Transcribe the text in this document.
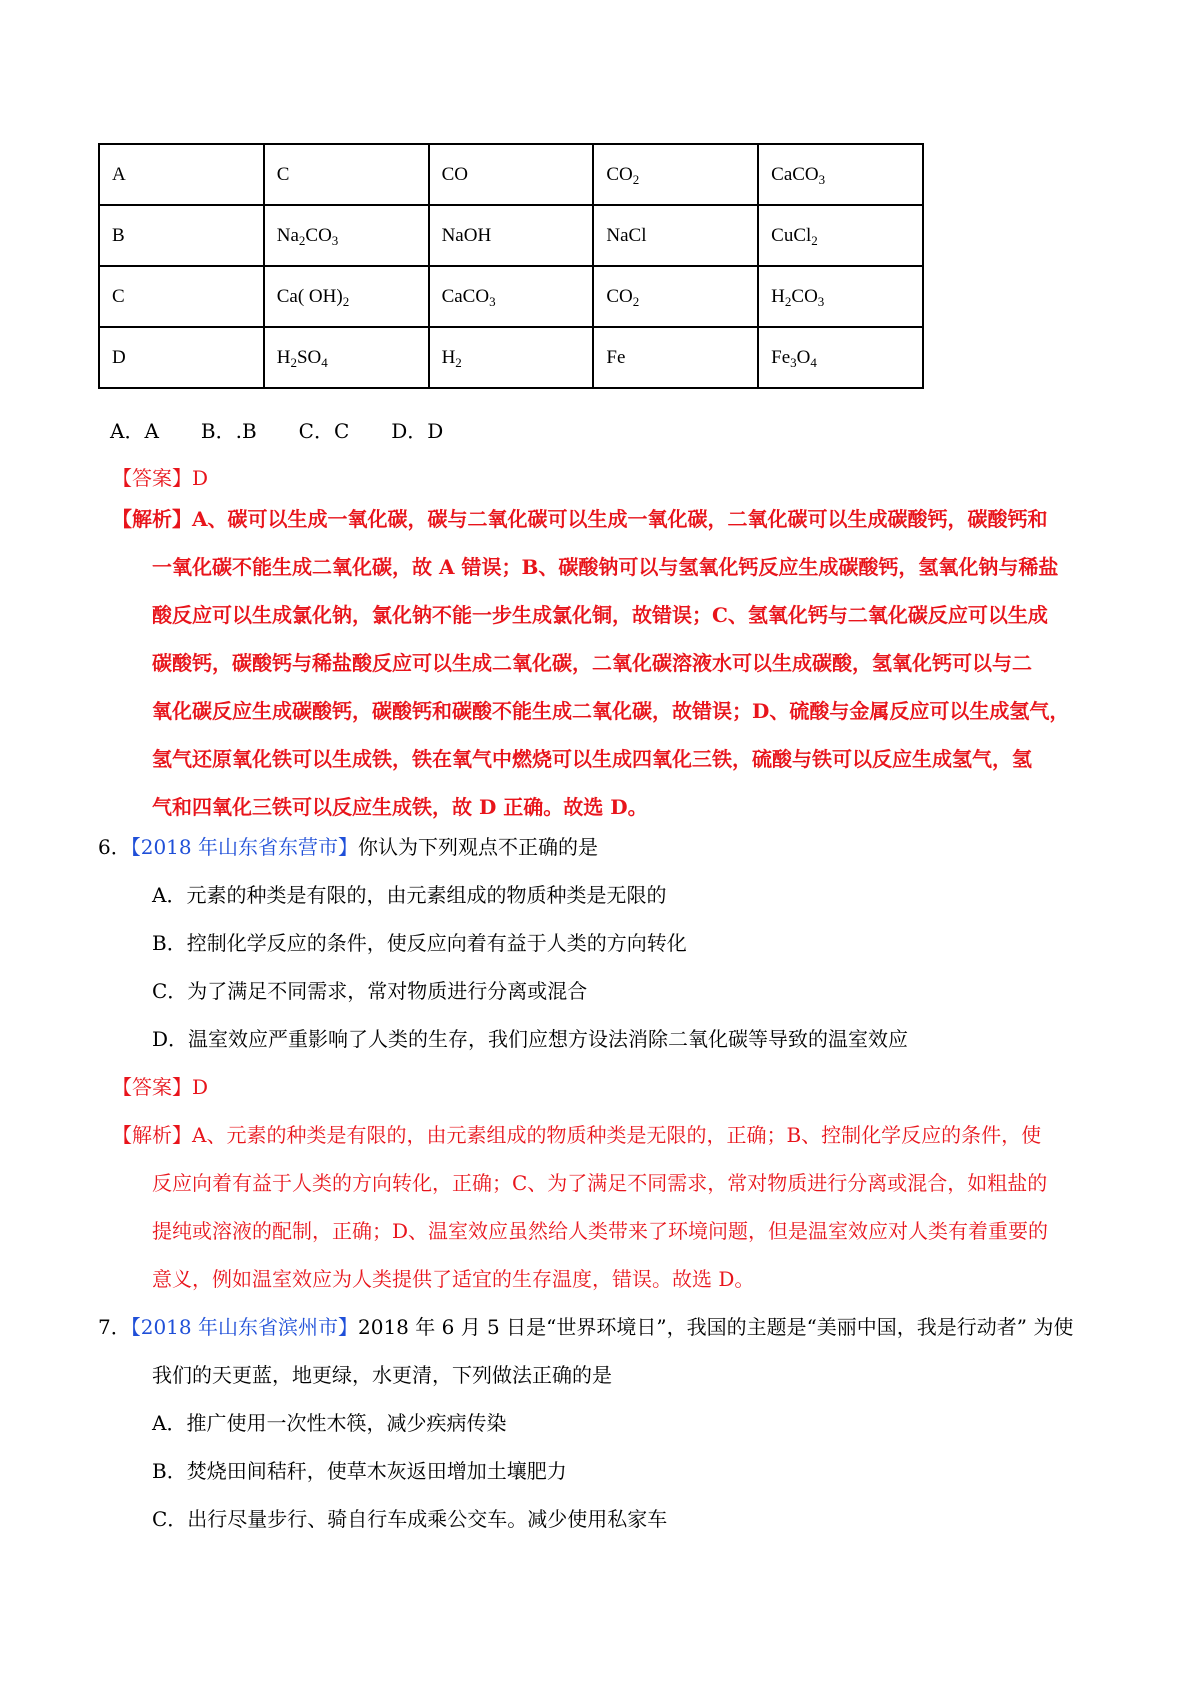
A	C	CO	$CO_2$	CaCO$_3$
B	$Na_2CO_3$	NaOH	NaCl	CuCl$_2$
C	Ca( $OH)_2$	CaCO$_3$	$CO_2$	$H_2CO_3$
D	$H_2SO_4$	$H_2$	Fe	$Fe_3O_4$
A．A B．.B C．C D．D
【答案】D
【解析】A、碳可以生成一氧化碳，碳与二氧化碳可以生成一氧化碳，二氧化碳可以生成碳酸钙，碳酸钙和
一氧化碳不能生成二氧化碳，故 A 错误；B、碳酸钠可以与氢氧化钙反应生成碳酸钙，氢氧化钠与稀盐
酸反应可以生成氯化钠，氯化钠不能一步生成氯化铜，故错误；C、氢氧化钙与二氧化碳反应可以生成
碳酸钙，碳酸钙与稀盐酸反应可以生成二氧化碳，二氧化碳溶液水可以生成碳酸，氢氧化钙可以与二
氧化碳反应生成碳酸钙，碳酸钙和碳酸不能生成二氧化碳，故错误；D、硫酸与金属反应可以生成氢气，
氢气还原氧化铁可以生成铁，铁在氧气中燃烧可以生成四氧化三铁，硫酸与铁可以反应生成氢气，氢
气和四氧化三铁可以反应生成铁，故 D 正确。故选 D。
6．【2018 年山东省东营市】你认为下列观点不正确的是
A．元素的种类是有限的，由元素组成的物质种类是无限的
B．控制化学反应的条件，使反应向着有益于人类的方向转化
C．为了满足不同需求，常对物质进行分离或混合
D．温室效应严重影响了人类的生存，我们应想方设法消除二氧化碳等导致的温室效应
【答案】D
【解析】A、元素的种类是有限的，由元素组成的物质种类是无限的，正确；B、控制化学反应的条件，使
反应向着有益于人类的方向转化，正确；C、为了满足不同需求，常对物质进行分离或混合，如粗盐的
提纯或溶液的配制，正确；D、温室效应虽然给人类带来了环境问题，但是温室效应对人类有着重要的
意义，例如温室效应为人类提供了适宜的生存温度，错误。故选 D。
7．【2018 年山东省滨州市】2018 年 6 月 5 日是“世界环境日”，我国的主题是“美丽中国，我是行动者” 为使
我们的天更蓝，地更绿，水更清，下列做法正确的是
A．推广使用一次性木筷，减少疾病传染
B．焚烧田间秸秆，使草木灰返田增加土壤肥力
C．出行尽量步行、骑自行车成乘公交车。减少使用私家车
